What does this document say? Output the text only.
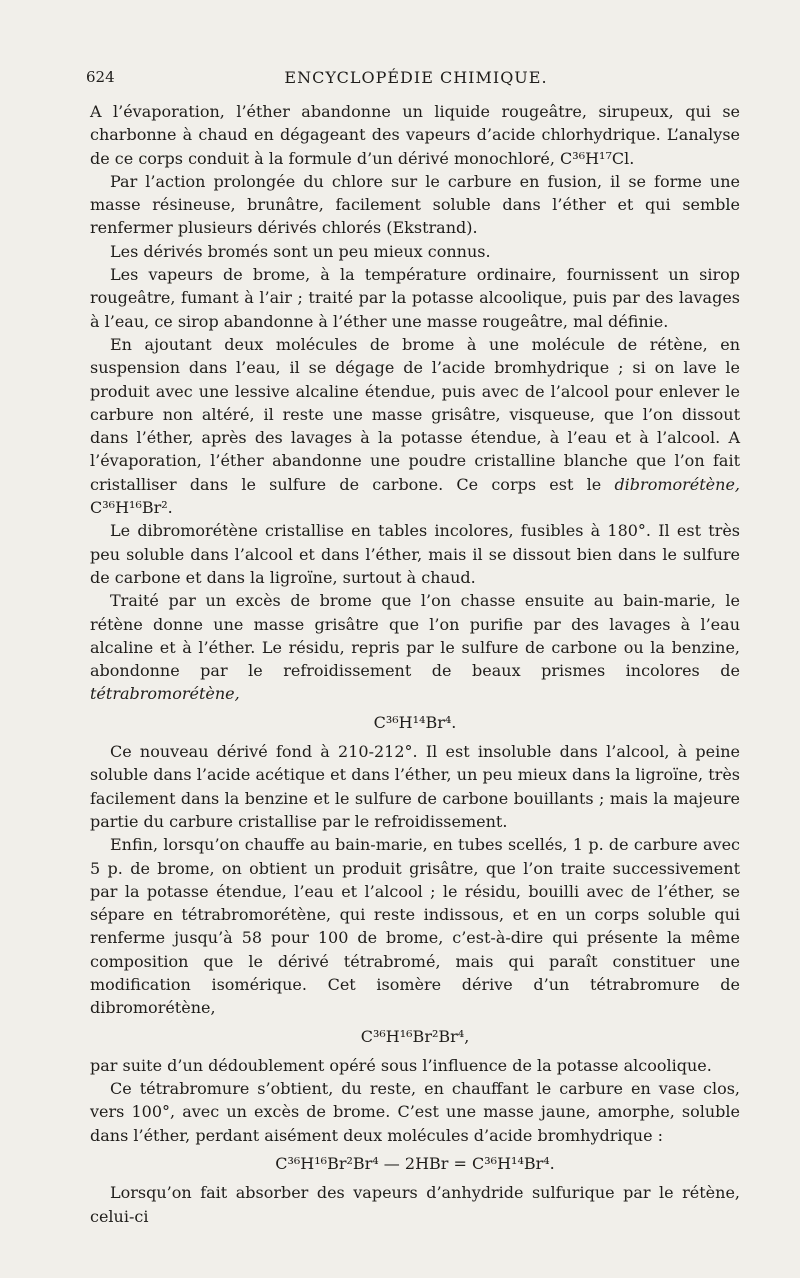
624	ENCYCLOPÉDIE CHIMIQUE.

A l’évaporation, l’éther abandonne un liquide rougeâtre, sirupeux, qui se charbonne à chaud en dégageant des vapeurs d’acide chlorhydrique. L’analyse de ce corps conduit à la formule d’un dérivé monochloré, C³⁶H¹⁷Cl.

Par l’action prolongée du chlore sur le carbure en fusion, il se forme une masse résineuse, brunâtre, facilement soluble dans l’éther et qui semble renfermer plusieurs dérivés chlorés (Ekstrand).

Les dérivés bromés sont un peu mieux connus.

Les vapeurs de brome, à la température ordinaire, fournissent un sirop rougeâtre, fumant à l’air ; traité par la potasse alcoolique, puis par des lavages à l’eau, ce sirop abandonne à l’éther une masse rougeâtre, mal définie.

En ajoutant deux molécules de brome à une molécule de rétène, en suspension dans l’eau, il se dégage de l’acide bromhydrique ; si on lave le produit avec une lessive alcaline étendue, puis avec de l’alcool pour enlever le carbure non altéré, il reste une masse grisâtre, visqueuse, que l’on dissout dans l’éther, après des lavages à la potasse étendue, à l’eau et à l’alcool. A l’évaporation, l’éther abandonne une poudre cristalline blanche que l’on fait cristalliser dans le sulfure de carbone. Ce corps est le dibromorétène, C³⁶H¹⁶Br².

Le dibromorétène cristallise en tables incolores, fusibles à 180°. Il est très peu soluble dans l’alcool et dans l’éther, mais il se dissout bien dans le sulfure de carbone et dans la ligroïne, surtout à chaud.

Traité par un excès de brome que l’on chasse ensuite au bain-marie, le rétène donne une masse grisâtre que l’on purifie par des lavages à l’eau alcaline et à l’éther. Le résidu, repris par le sulfure de carbone ou la benzine, abondonne par le refroidissement de beaux prismes incolores de tétrabromorétène,

C³⁶H¹⁴Br⁴.

Ce nouveau dérivé fond à 210-212°. Il est insoluble dans l’alcool, à peine soluble dans l’acide acétique et dans l’éther, un peu mieux dans la ligroïne, très facilement dans la benzine et le sulfure de carbone bouillants ; mais la majeure partie du carbure cristallise par le refroidissement.

Enfin, lorsqu’on chauffe au bain-marie, en tubes scellés, 1 p. de carbure avec 5 p. de brome, on obtient un produit grisâtre, que l’on traite successivement par la potasse étendue, l’eau et l’alcool ; le résidu, bouilli avec de l’éther, se sépare en tétrabromorétène, qui reste indissous, et en un corps soluble qui renferme jusqu’à 58 pour 100 de brome, c’est-à-dire qui présente la même composition que le dérivé tétrabromé, mais qui paraît constituer une modification isomérique. Cet isomère dérive d’un tétrabromure de dibromorétène,

C³⁶H¹⁶Br²Br⁴,

par suite d’un dédoublement opéré sous l’influence de la potasse alcoolique.

Ce tétrabromure s’obtient, du reste, en chauffant le carbure en vase clos, vers 100°, avec un excès de brome. C’est une masse jaune, amorphe, soluble dans l’éther, perdant aisément deux molécules d’acide bromhydrique :

C³⁶H¹⁶Br²Br⁴ — 2HBr = C³⁶H¹⁴Br⁴.

Lorsqu’on fait absorber des vapeurs d’anhydride sulfurique par le rétène, celui-ci
